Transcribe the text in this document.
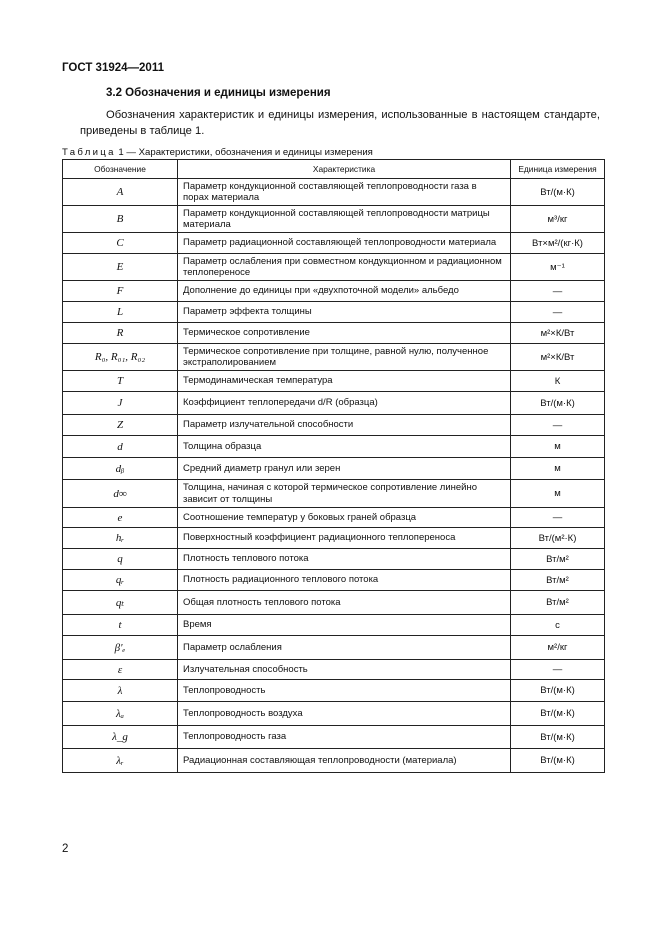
ГОСТ 31924—2011
3.2 Обозначения и единицы измерения
Обозначения характеристик и единицы измерения, использованные в настоящем стандарте, приведены в таблице 1.
Таблица 1 — Характеристики, обозначения и единицы измерения
Обозначение	Характеристика	Единица измерения
A	Параметр кондукционной составляющей теплопроводности газа в порах материала	Вт/(м·К)
B	Параметр кондукционной составляющей теплопроводности матрицы материала	м³/кг
C	Параметр радиационной составляющей теплопроводности материала	Вт×м²/(кг·К)
E	Параметр ослабления при совместном кондукционном и радиационном теплопереносе	м⁻¹
F	Дополнение до единицы при «двухпоточной модели» альбедо	—
L	Параметр эффекта толщины	—
R	Термическое сопротивление	м²×К/Вт
R₀, R₀₁, R₀₂	Термическое сопротивление при толщине, равной нулю, полученное экстраполированием	м²×К/Вт
T	Термодинамическая температура	К
J	Коэффициент теплопередачи d/R (образца)	Вт/(м·К)
Z	Параметр излучательной способности	—
d	Толщина образца	м
dᵦ	Средний диаметр гранул или зерен	м
d∞	Толщина, начиная с которой термическое сопротивление линейно зависит от толщины	м
e	Соотношение температур у боковых граней образца	—
hᵣ	Поверхностный коэффициент радиационного теплопереноса	Вт/(м²·К)
q	Плотность теплового потока	Вт/м²
qᵣ	Плотность радиационного теплового потока	Вт/м²
qₜ	Общая плотность теплового потока	Вт/м²
t	Время	с
β'ₑ	Параметр ослабления	м²/кг
ε	Излучательная способность	—
λ	Теплопроводность	Вт/(м·К)
λₐ	Теплопроводность воздуха	Вт/(м·К)
λ_g	Теплопроводность газа	Вт/(м·К)
λᵣ	Радиационная составляющая теплопроводности (материала)	Вт/(м·К)
2
